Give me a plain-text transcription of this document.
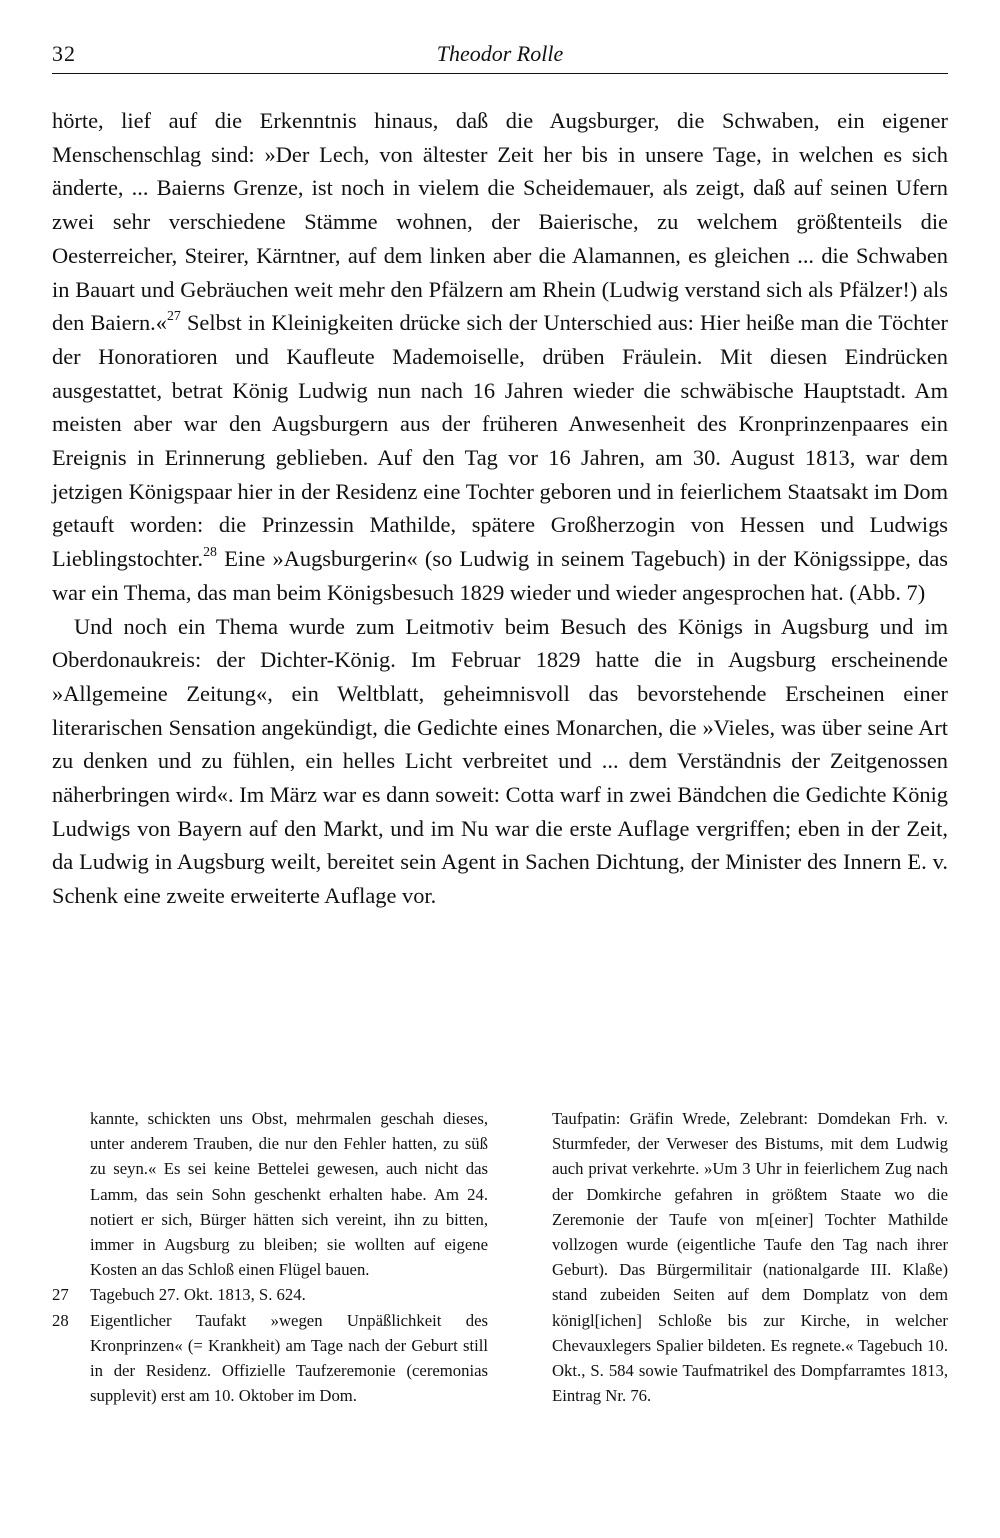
32	Theodor Rolle

hörte, lief auf die Erkenntnis hinaus, daß die Augsburger, die Schwaben, ein eigener Menschenschlag sind: »Der Lech, von ältester Zeit her bis in unsere Tage, in welchen es sich änderte, ... Baierns Grenze, ist noch in vielem die Scheidemauer, als zeigt, daß auf seinen Ufern zwei sehr verschiedene Stämme wohnen, der Baierische, zu welchem größtenteils die Oesterreicher, Steirer, Kärntner, auf dem linken aber die Alamannen, es gleichen ... die Schwaben in Bauart und Gebräuchen weit mehr den Pfälzern am Rhein (Ludwig verstand sich als Pfälzer!) als den Baiern.«$^{27}$ Selbst in Kleinigkeiten drücke sich der Unterschied aus: Hier heiße man die Töchter der Honoratioren und Kaufleute Mademoiselle, drüben Fräulein. Mit diesen Eindrücken ausgestattet, betrat König Ludwig nun nach 16 Jahren wieder die schwäbische Hauptstadt. Am meisten aber war den Augsburgern aus der früheren Anwesenheit des Kronprinzenpaares ein Ereignis in Erinnerung geblieben. Auf den Tag vor 16 Jahren, am 30. August 1813, war dem jetzigen Königspaar hier in der Residenz eine Tochter geboren und in feierlichem Staatsakt im Dom getauft worden: die Prinzessin Mathilde, spätere Großherzogin von Hessen und Ludwigs Lieblingstochter.$^{28}$ Eine »Augsburgerin« (so Ludwig in seinem Tagebuch) in der Königssippe, das war ein Thema, das man beim Königsbesuch 1829 wieder und wieder angesprochen hat. (Abb. 7)

Und noch ein Thema wurde zum Leitmotiv beim Besuch des Königs in Augsburg und im Oberdonaukreis: der Dichter-König. Im Februar 1829 hatte die in Augsburg erscheinende »Allgemeine Zeitung«, ein Weltblatt, geheimnisvoll das bevorstehende Erscheinen einer literarischen Sensation angekündigt, die Gedichte eines Monarchen, die »Vieles, was über seine Art zu denken und zu fühlen, ein helles Licht verbreitet und ... dem Verständnis der Zeitgenossen näherbringen wird«. Im März war es dann soweit: Cotta warf in zwei Bändchen die Gedichte König Ludwigs von Bayern auf den Markt, und im Nu war die erste Auflage vergriffen; eben in der Zeit, da Ludwig in Augsburg weilt, bereitet sein Agent in Sachen Dichtung, der Minister des Innern E. v. Schenk eine zweite erweiterte Auflage vor.

kannte, schickten uns Obst, mehrmalen geschah dieses, unter anderem Trauben, die nur den Fehler hatten, zu süß zu seyn.« Es sei keine Bettelei gewesen, auch nicht das Lamm, das sein Sohn geschenkt erhalten habe. Am 24. notiert er sich, Bürger hätten sich vereint, ihn zu bitten, immer in Augsburg zu bleiben; sie wollten auf eigene Kosten an das Schloß einen Flügel bauen.
27 Tagebuch 27. Okt. 1813, S. 624.
28 Eigentlicher Taufakt »wegen Unpäßlichkeit des Kronprinzen« (= Krankheit) am Tage nach der Geburt still in der Residenz. Offizielle Taufzeremonie (ceremonias supplevit) erst am 10. Oktober im Dom.
Taufpatin: Gräfin Wrede, Zelebrant: Domdekan Frh. v. Sturmfeder, der Verweser des Bistums, mit dem Ludwig auch privat verkehrte. »Um 3 Uhr in feierlichem Zug nach der Domkirche gefahren in größtem Staate wo die Zeremonie der Taufe von m[einer] Tochter Mathilde vollzogen wurde (eigentliche Taufe den Tag nach ihrer Geburt). Das Bürgermilitair (nationalgarde III. Klaße) stand zubeiden Seiten auf dem Domplatz von dem königl[ichen] Schloße bis zur Kirche, in welcher Chevauxlegers Spalier bildeten. Es regnete.« Tagebuch 10. Okt., S. 584 sowie Taufmatrikel des Dompfarramtes 1813, Eintrag Nr. 76.
